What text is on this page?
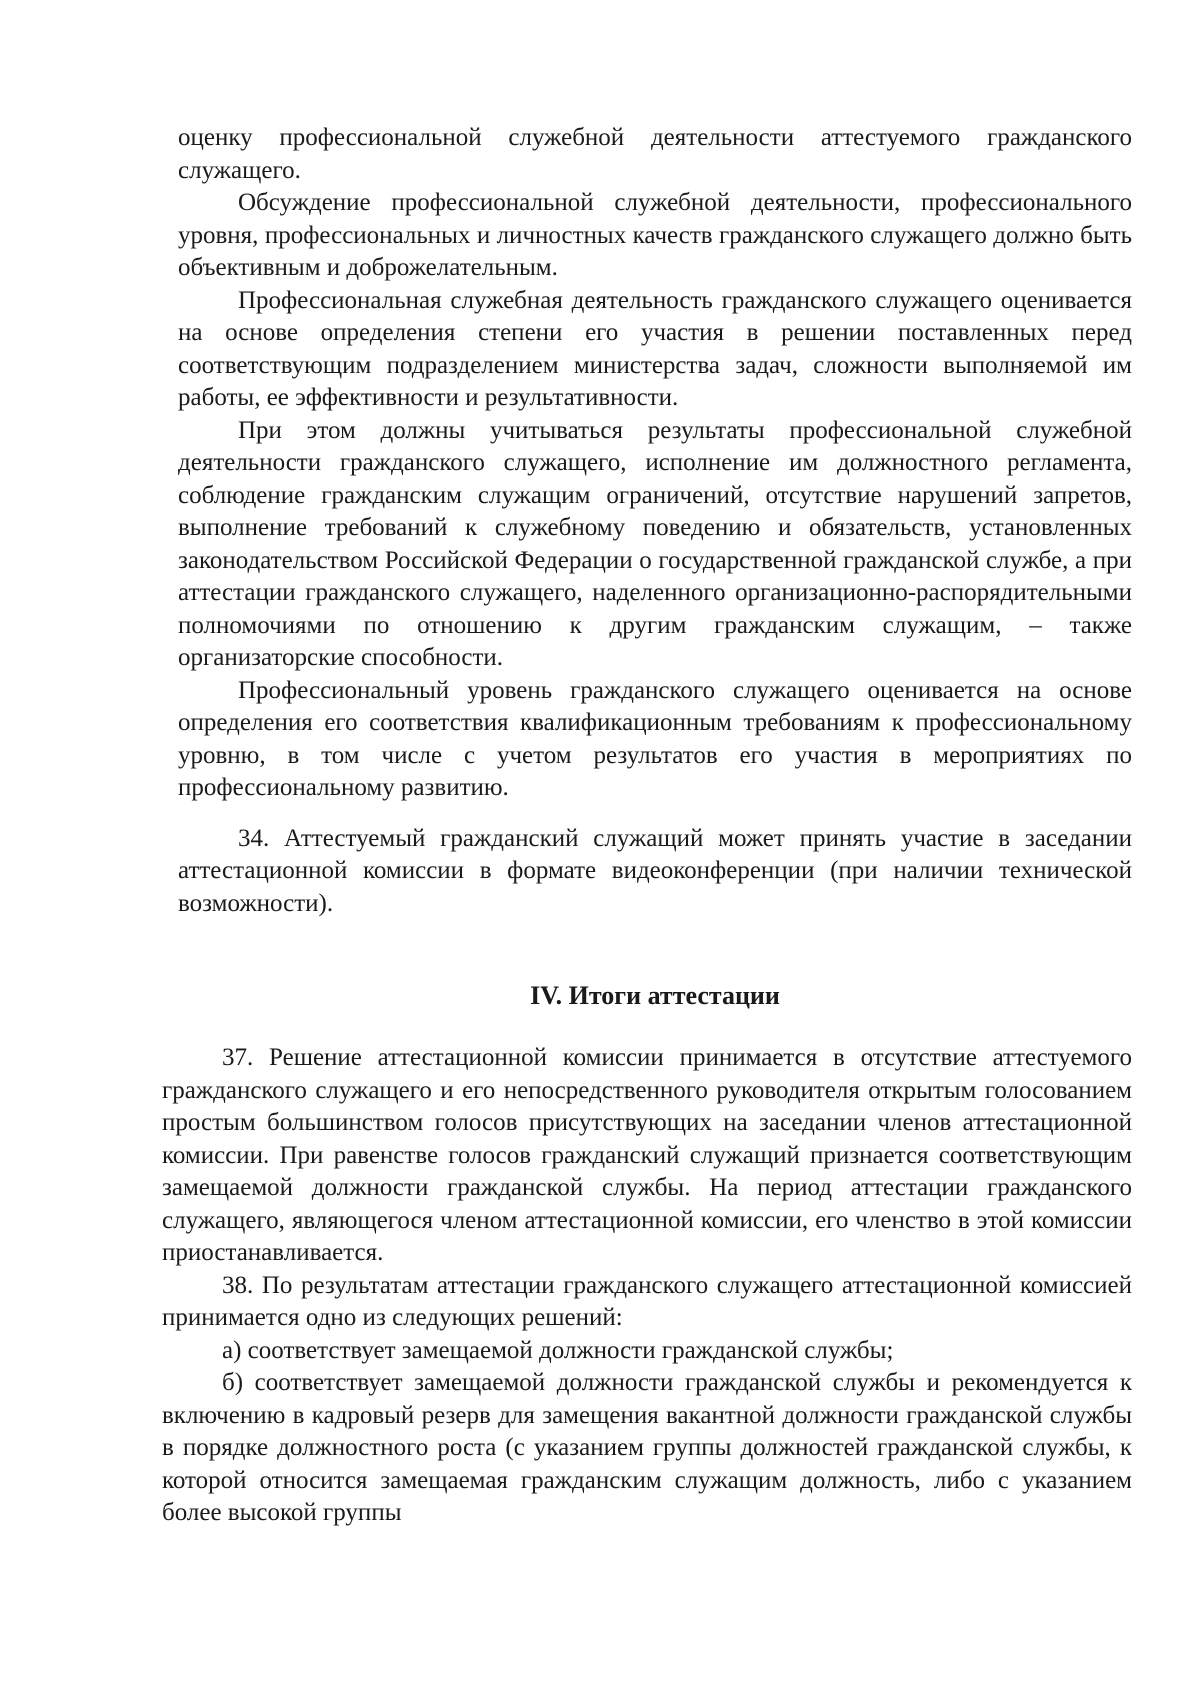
оценку профессиональной служебной деятельности аттестуемого гражданского служащего.

Обсуждение профессиональной служебной деятельности, профессионального уровня, профессиональных и личностных качеств гражданского служащего должно быть объективным и доброжелательным.

Профессиональная служебная деятельность гражданского служащего оценивается на основе определения степени его участия в решении поставленных перед соответствующим подразделением министерства задач, сложности выполняемой им работы, ее эффективности и результативности.

При этом должны учитываться результаты профессиональной служебной деятельности гражданского служащего, исполнение им должностного регламента, соблюдение гражданским служащим ограничений, отсутствие нарушений запретов, выполнение требований к служебному поведению и обязательств, установленных законодательством Российской Федерации о государственной гражданской службе, а при аттестации гражданского служащего, наделенного организационно-распорядительными полномочиями по отношению к другим гражданским служащим, – также организаторские способности.

Профессиональный уровень гражданского служащего оценивается на основе определения его соответствия квалификационным требованиям к профессиональному уровню, в том числе с учетом результатов его участия в мероприятиях по профессиональному развитию.

34. Аттестуемый гражданский служащий может принять участие в заседании аттестационной комиссии в формате видеоконференции (при наличии технической возможности).

IV. Итоги аттестации

37. Решение аттестационной комиссии принимается в отсутствие аттестуемого гражданского служащего и его непосредственного руководителя открытым голосованием простым большинством голосов присутствующих на заседании членов аттестационной комиссии. При равенстве голосов гражданский служащий признается соответствующим замещаемой должности гражданской службы. На период аттестации гражданского служащего, являющегося членом аттестационной комиссии, его членство в этой комиссии приостанавливается.

38. По результатам аттестации гражданского служащего аттестационной комиссией принимается одно из следующих решений:

а) соответствует замещаемой должности гражданской службы;

б) соответствует замещаемой должности гражданской службы и рекомендуется к включению в кадровый резерв для замещения вакантной должности гражданской службы в порядке должностного роста (с указанием группы должностей гражданской службы, к которой относится замещаемая гражданским служащим должность, либо с указанием более высокой группы
